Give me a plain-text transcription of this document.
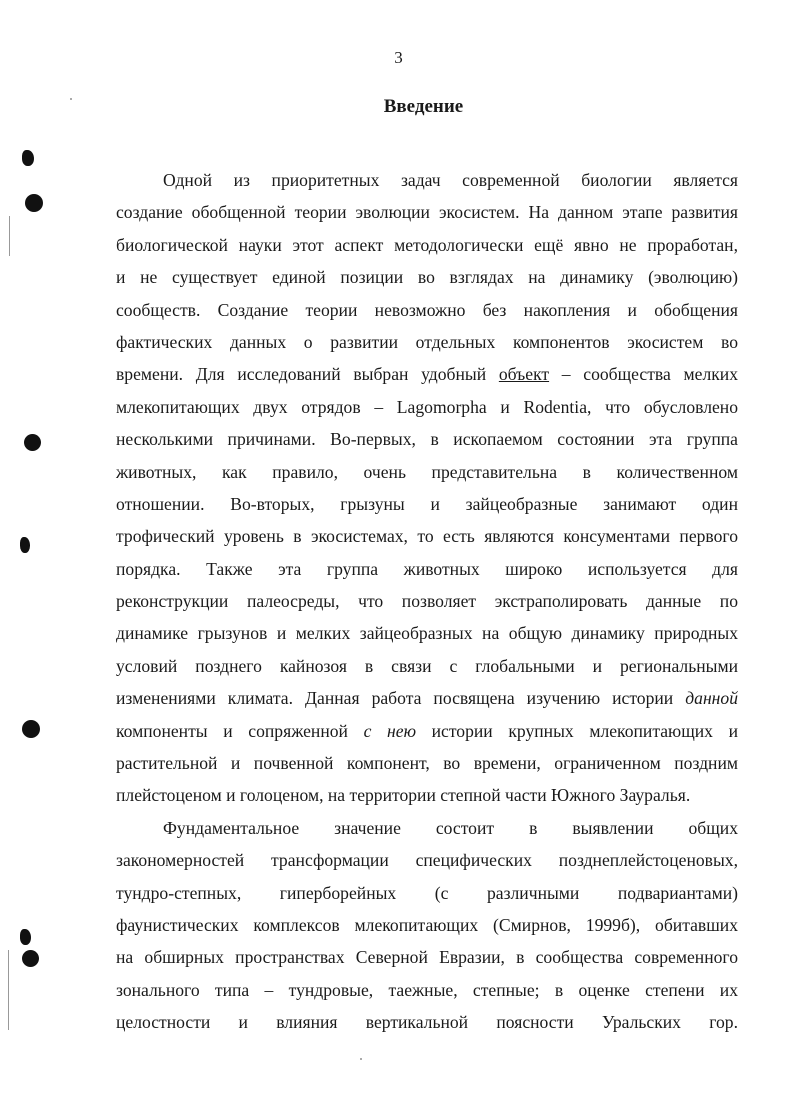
3
Введение
Одной из приоритетных задач современной биологии является
создание обобщенной теории эволюции экосистем. На данном этапе развития
биологической науки этот аспект методологически ещё явно не проработан,
и не существует единой позиции во взглядах на динамику (эволюцию)
сообществ. Создание теории невозможно без накопления и обобщения
фактических данных о развитии отдельных компонентов экосистем во
времени. Для исследований выбран удобный объект – сообщества мелких
млекопитающих двух отрядов – Lagomorpha и Rodentia, что обусловлено
несколькими причинами. Во-первых, в ископаемом состоянии эта группа
животных, как правило, очень представительна в количественном
отношении. Во-вторых, грызуны и зайцеобразные занимают один
трофический уровень в экосистемах, то есть являются консументами первого
порядка. Также эта группа животных широко используется для
реконструкции палеосреды, что позволяет экстраполировать данные по
динамике грызунов и мелких зайцеобразных на общую динамику природных
условий позднего кайнозоя в связи с глобальными и региональными
изменениями климата. Данная работа посвящена изучению истории данной
компоненты и сопряженной с нею истории крупных млекопитающих и
растительной и почвенной компонент, во времени, ограниченном поздним
плейстоценом и голоценом, на территории степной части Южного Зауралья.
Фундаментальное значение состоит в выявлении общих
закономерностей трансформации специфических позднеплейстоценовых,
тундро-степных, гиперборейных (с различными подвариантами)
фаунистических комплексов млекопитающих (Смирнов, 1999б), обитавших
на обширных пространствах Северной Евразии, в сообщества современного
зонального типа – тундровые, таежные, степные; в оценке степени их
целостности и влияния вертикальной поясности Уральских гор.
